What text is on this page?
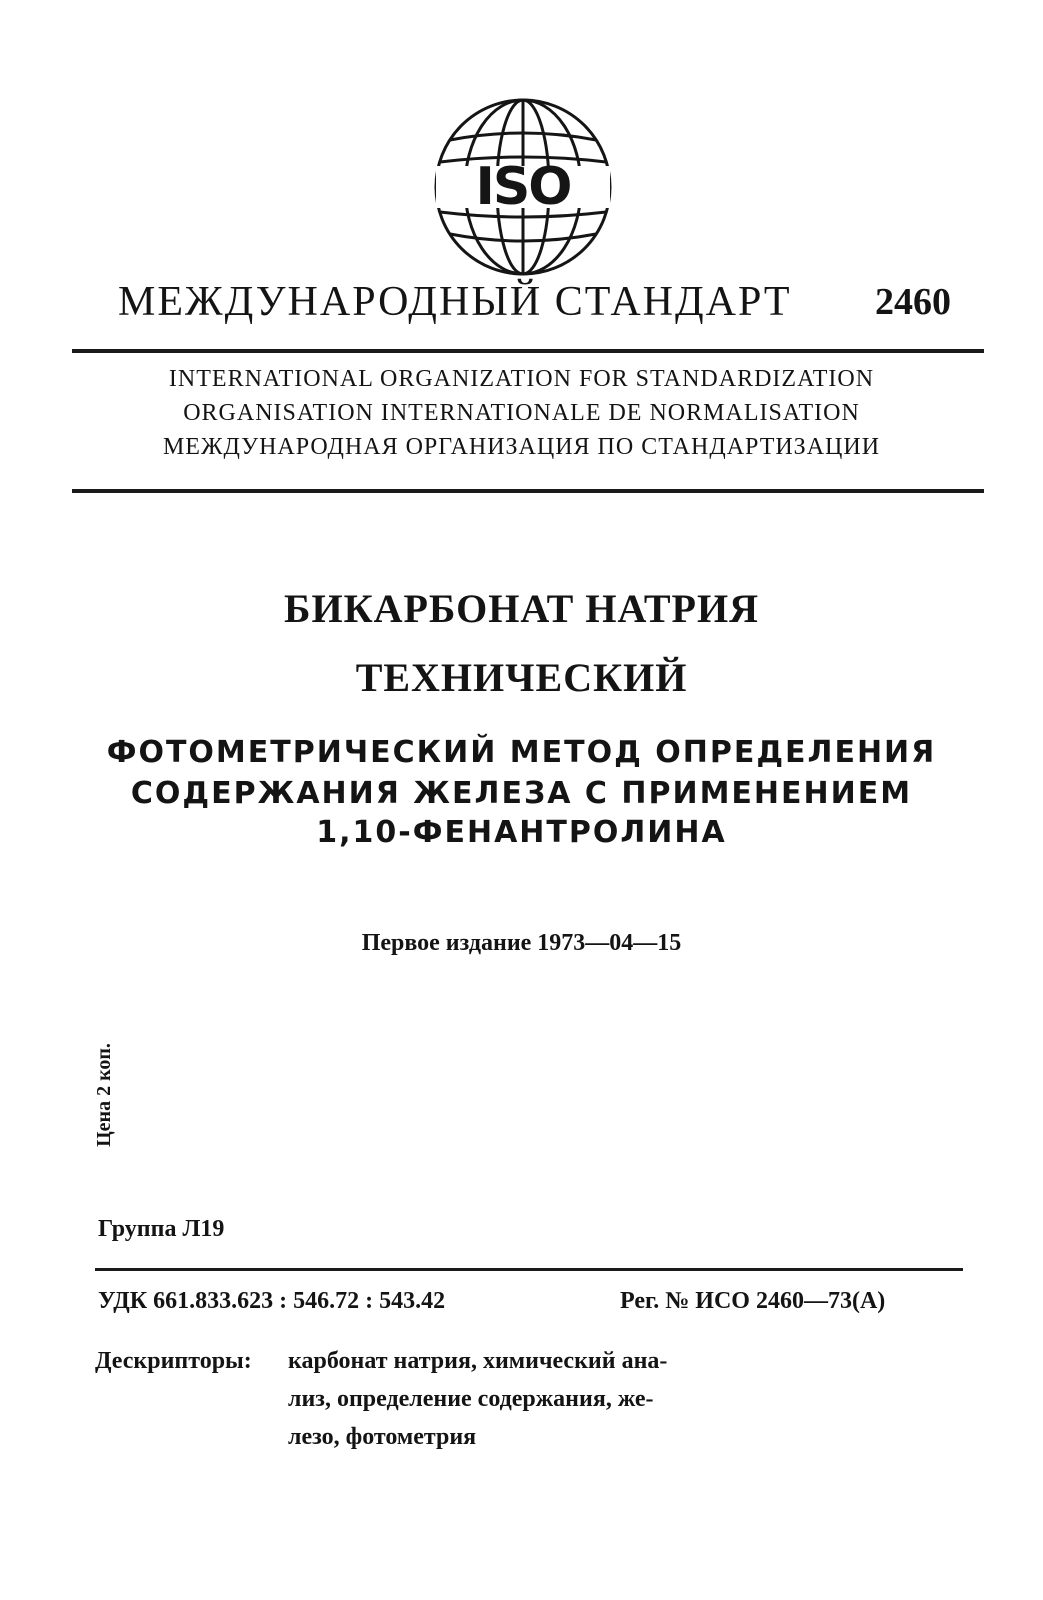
ISO
МЕЖДУНАРОДНЫЙ СТАНДАРТ 2460
INTERNATIONAL ORGANIZATION FOR STANDARDIZATION
ORGANISATION INTERNATIONALE DE NORMALISATION
МЕЖДУНАРОДНАЯ ОРГАНИЗАЦИЯ ПО СТАНДАРТИЗАЦИИ
БИКАРБОНАТ НАТРИЯ
ТЕХНИЧЕСКИЙ
ФОТОМЕТРИЧЕСКИЙ МЕТОД ОПРЕДЕЛЕНИЯ
СОДЕРЖАНИЯ ЖЕЛЕЗА С ПРИМЕНЕНИЕМ
1,10-ФЕНАНТРОЛИНА
Первое издание 1973—04—15
Цена 2 коп.
Группа Л19
УДК 661.833.623 : 546.72 : 543.42	Рег. № ИСО 2460—73(А)
Дескрипторы: карбонат натрия, химический ана-
лиз, определение содержания, же-
лезо, фотометрия
